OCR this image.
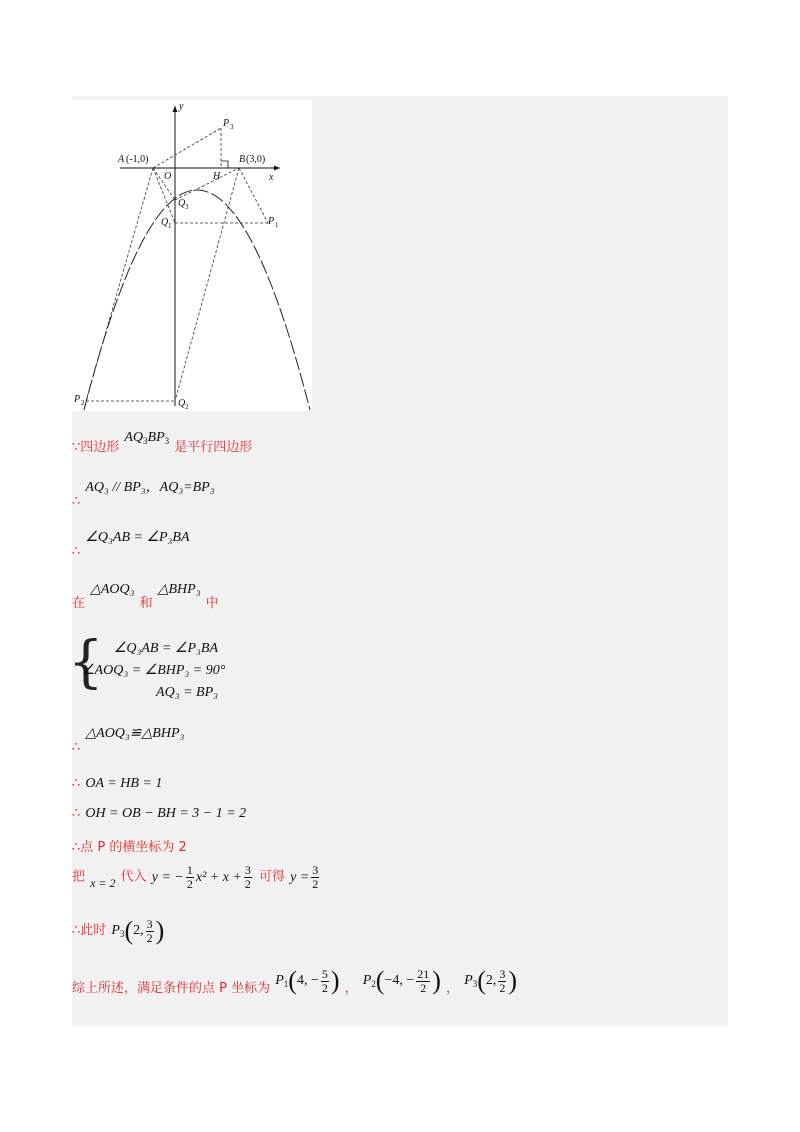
y
x
O	H
A (-1,0)	B (3,0)
P 3
Q 3
Q 1	P 1
P 2	Q 2
∵四边形 $AQ_3BP_3$ 是平行四边形
$_\therefore$ AQ₃ // BP₃，AQ₃=BP₃
$_\therefore$ ∠Q₃AB = ∠P₃BA
$_在$ △AOQ₃ $_和$ △BHP₃ $_中$
{ ∠Q₃AB = ∠P₃BA
∠AOQ₃ = ∠BHP₃ = 90°
AQ₃ = BP₃
$_\therefore$ △AOQ₃≌△BHP₃
∴ OA = HB = 1
∴ OH = OB − BH = 3 − 1 = 2
∴点 P 的横坐标为 2
把 $_{x = 2}$ 代入 y = − $\frac{1}{2} x^2 + x + \frac{3}{2}$ 可得 $y = \frac{3}{2}$
∴此时 $P_3(2$, $\frac{3}{2}$ )
$_{综上所述,满足条件的点 P 坐标为}$ $P_1(4$, − $\frac{5}{2}$ ) $_,$ $P_2(-4$, − $\frac{21}{2}$ ) $_,$ $P_3(2$, $\frac{3}{2}$ )
